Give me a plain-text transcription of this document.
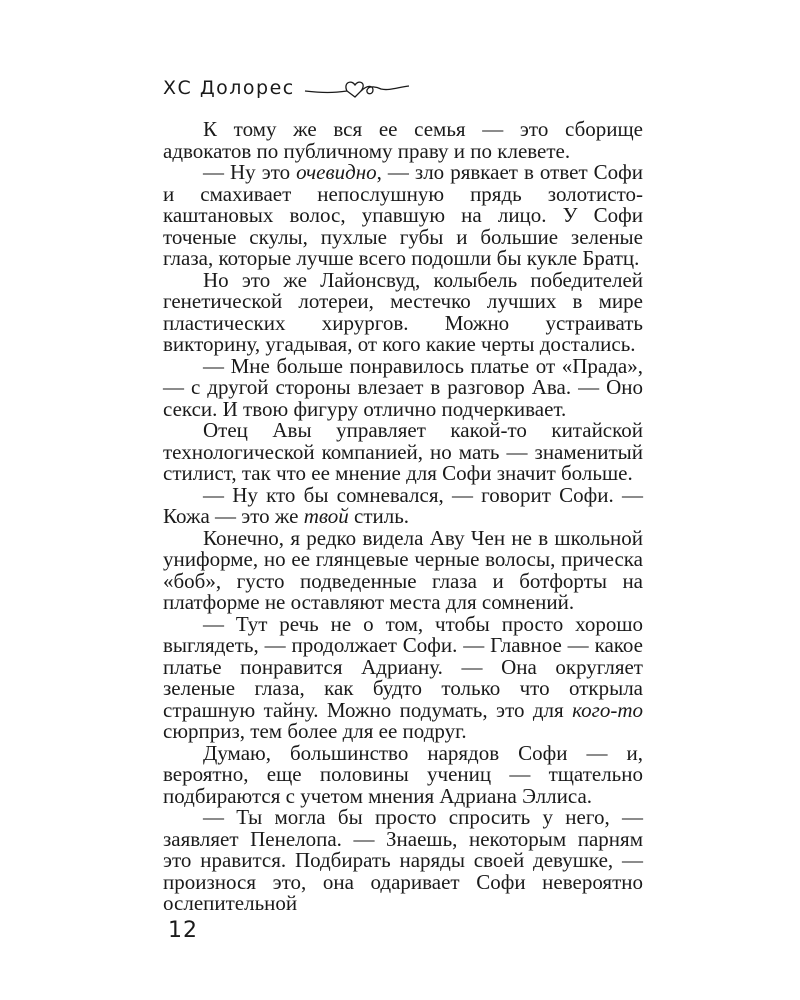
ХС Долорес

К тому же вся ее семья — это сборище адвокатов по публичному праву и по клевете.

— Ну это очевидно, — зло рявкает в ответ Софи и смахивает непослушную прядь золотисто-каштановых волос, упавшую на лицо. У Софи точеные скулы, пухлые губы и большие зеленые глаза, которые лучше всего подошли бы кукле Братц.

Но это же Лайонсвуд, колыбель победителей генетической лотереи, местечко лучших в мире пластических хирургов. Можно устраивать викторину, угадывая, от кого какие черты достались.

— Мне больше понравилось платье от «Прада», — с другой стороны влезает в разговор Ава. — Оно секси. И твою фигуру отлично подчеркивает.

Отец Авы управляет какой-то китайской технологической компанией, но мать — знаменитый стилист, так что ее мнение для Софи значит больше.

— Ну кто бы сомневался, — говорит Софи. — Кожа — это же твой стиль.

Конечно, я редко видела Аву Чен не в школьной униформе, но ее глянцевые черные волосы, прическа «боб», густо подведенные глаза и ботфорты на платформе не оставляют места для сомнений.

— Тут речь не о том, чтобы просто хорошо выглядеть, — продолжает Софи. — Главное — какое платье понравится Адриану. — Она округляет зеленые глаза, как будто только что открыла страшную тайну. Можно подумать, это для кого-то сюрприз, тем более для ее подруг.

Думаю, большинство нарядов Софи — и, вероятно, еще половины учениц — тщательно подбираются с учетом мнения Адриана Эллиса.

— Ты могла бы просто спросить у него, — заявляет Пенелопа. — Знаешь, некоторым парням это нравится. Подбирать наряды своей девушке, — произнося это, она одаривает Софи невероятно ослепительной

12
